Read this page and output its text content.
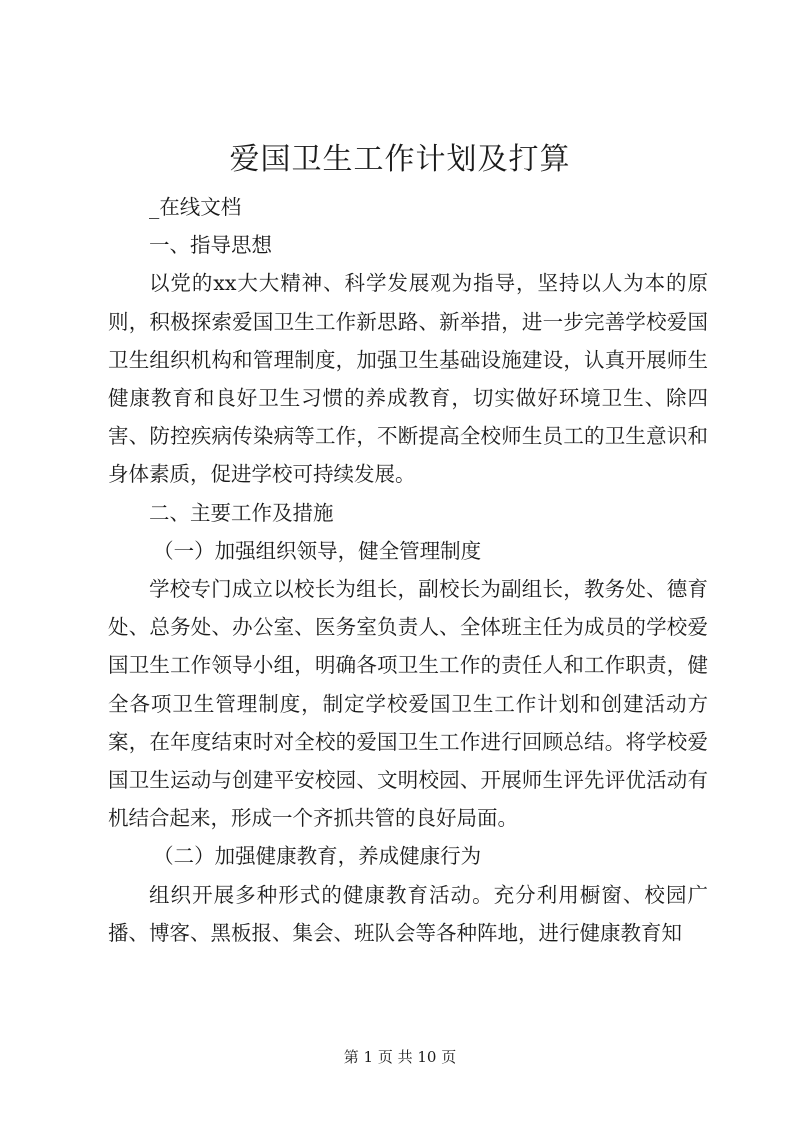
爱国卫生工作计划及打算

_在线文档

一、指导思想

以党的xx大大精神、科学发展观为指导，坚持以人为本的原则，积极探索爱国卫生工作新思路、新举措，进一步完善学校爱国卫生组织机构和管理制度，加强卫生基础设施建设，认真开展师生健康教育和良好卫生习惯的养成教育，切实做好环境卫生、除四害、防控疾病传染病等工作，不断提高全校师生员工的卫生意识和身体素质，促进学校可持续发展。

二、主要工作及措施

（一）加强组织领导，健全管理制度

学校专门成立以校长为组长，副校长为副组长，教务处、德育处、总务处、办公室、医务室负责人、全体班主任为成员的学校爱国卫生工作领导小组，明确各项卫生工作的责任人和工作职责，健全各项卫生管理制度，制定学校爱国卫生工作计划和创建活动方案，在年度结束时对全校的爱国卫生工作进行回顾总结。将学校爱国卫生运动与创建平安校园、文明校园、开展师生评先评优活动有机结合起来，形成一个齐抓共管的良好局面。

（二）加强健康教育，养成健康行为

组织开展多种形式的健康教育活动。充分利用橱窗、校园广播、博客、黑板报、集会、班队会等各种阵地，进行健康教育知

第 1 页 共 10 页
